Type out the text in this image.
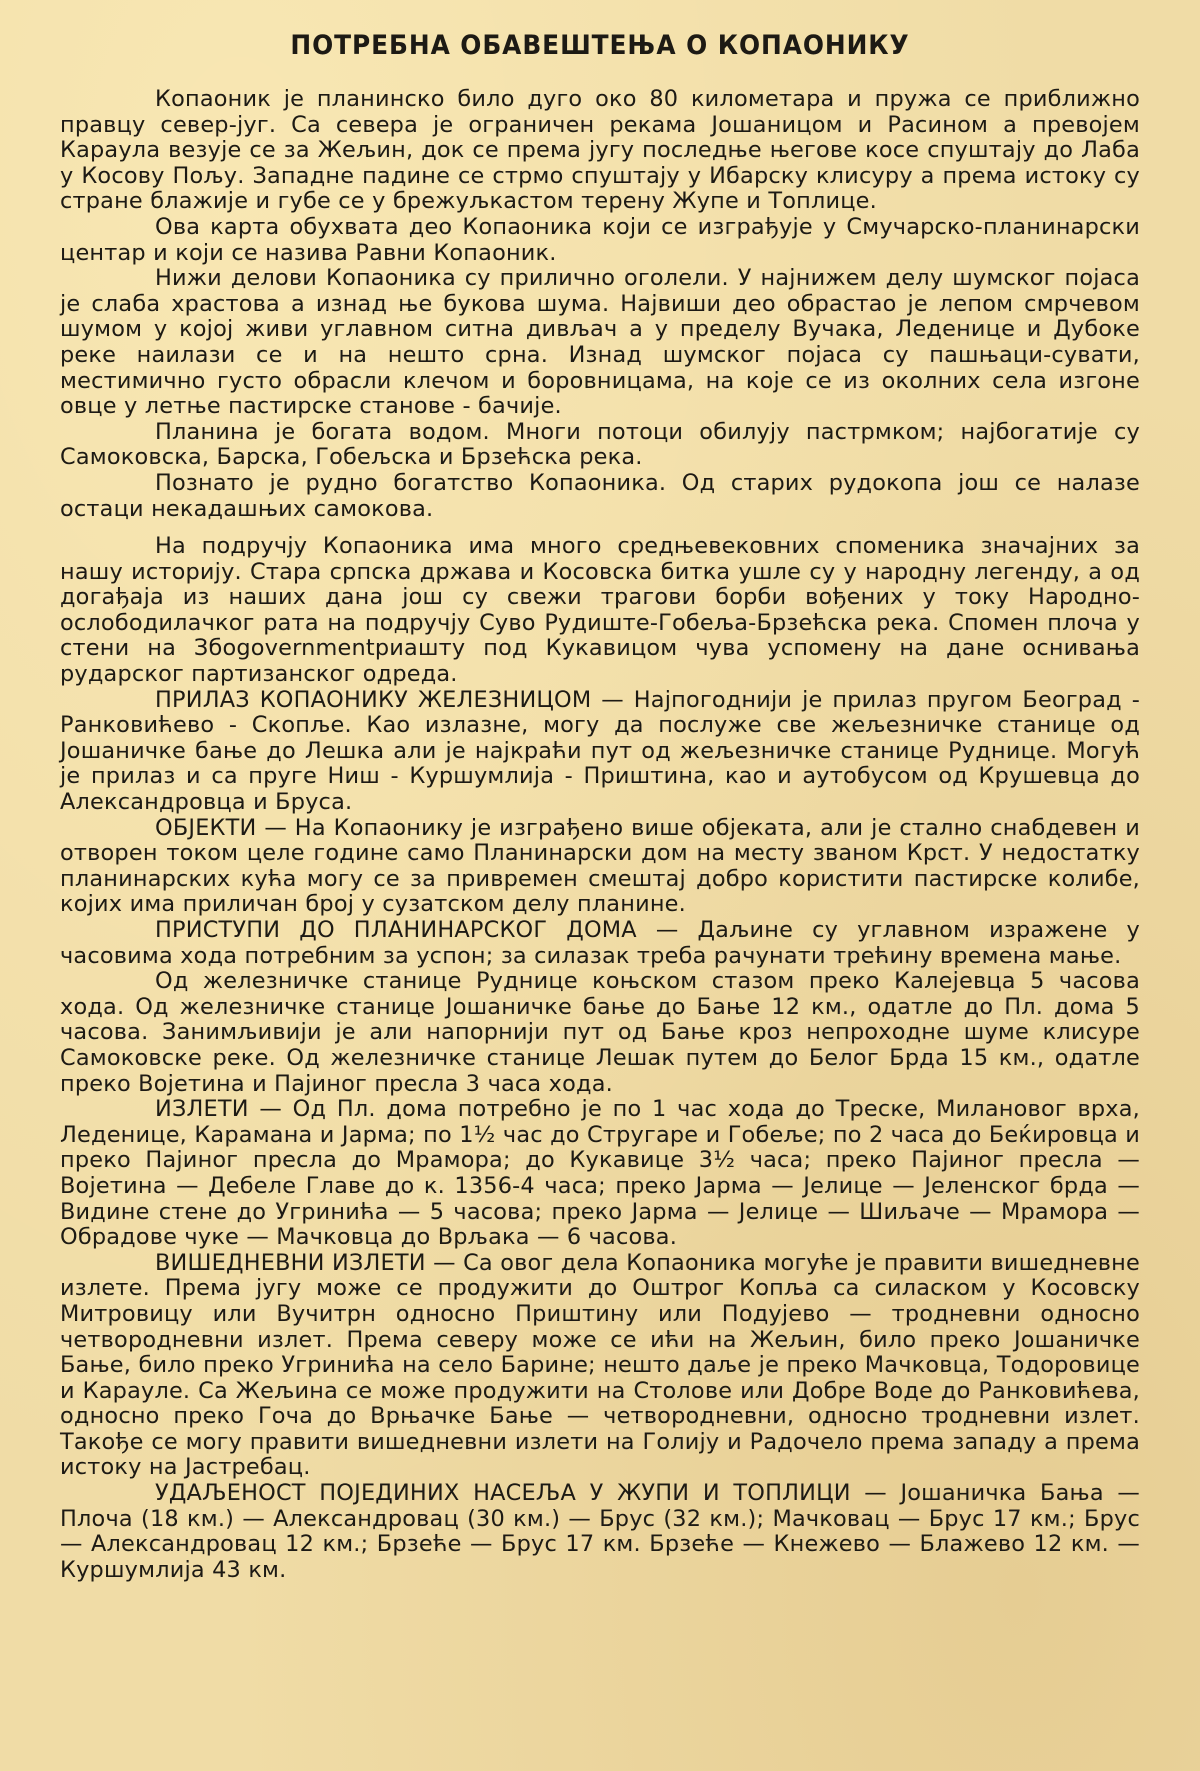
ПОТРЕБНА ОБАВЕШТЕЊА О КОПАОНИКУ

Копаоник је планинско било дуго око 80 километара и пружа се приближно правцу север-југ. Са севера је ограничен рекама Јошаницом и Расином а превојем Караула везује се за Жељин, док се према југу последње његове косе спуштају до Лаба у Косову Пољу. Западне падине се стрмо спуштају у Ибарску клисуру а према истоку су стране блажије и губе се у брежуљкастом терену Жупе и Топлице.

Ова карта обухвата део Копаоника који се изграђује у Смучарско-планинарски центар и који се назива Равни Копаоник.

Нижи делови Копаоника су прилично оголели. У најнижем делу шумског појаса је слаба храстова а изнад ње букова шума. Највиши део обрастао је лепом смрчевом шумом у којој живи углавном ситна дивљач а у пределу Вучака, Леденице и Дубоке реке наилази се и на нешто срна. Изнад шумског појаса су пашњаци-сувати, местимично густо обрасли клечом и боровницама, на које се из околних села изгоне овце у летње пастирске станове - бачије.

Планина је богата водом. Многи потоци обилују пастрмком; најбогатије су Самоковска, Барска, Гобељска и Брзећска река.

Познато је рудно богатство Копаоника. Од старих рудокопа још се налазе остаци некадашњих самокова.

На подручју Копаоника има много средњевековних споменика значајних за нашу историју. Стара српска држава и Косовска битка ушле су у народну легенду, а од догађаја из наших дана још су свежи трагови борби вођених у току Народно-ослободилачког рата на подручју Суво Рудиште-Гобеља-Брзећска река. Спомен плоча у стени на Збоgovernmentриашту под Кукавицом чува успомену на дане оснивања рударског партизанског одреда.

ПРИЛАЗ КОПАОНИКУ ЖЕЛЕЗНИЦОМ — Најпогоднији је прилаз пругом Београд - Ранковићево - Скопље. Као излазне, могу да послуже све жељезничке станице од Јошаничке бање до Лешка али је најкраћи пут од жељезничке станице Руднице. Могућ је прилаз и са пруге Ниш - Куршумлија - Приштина, као и аутобусом од Крушевца до Александровца и Бруса.

ОБЈЕКТИ — На Копаонику је изграђено више објеката, али је стално снабдевен и отворен током целе године само Планинарски дом на месту званом Крст. У недостатку планинарских кућа могу се за привремен смештај добро користити пастирске колибе, којих има приличан број у сузатском делу планине.

ПРИСТУПИ ДО ПЛАНИНАРСКОГ ДОМА — Даљине су углавном изражене у часовима хода потребним за успон; за силазак треба рачунати трећину времена мање.

Од железничке станице Руднице коњском стазом преко Калејевца 5 часова хода. Од железничке станице Јошаничке бање до Бање 12 км., одатле до Пл. дома 5 часова. Занимљивији је али напорнији пут од Бање кроз непроходне шуме клисуре Самоковске реке. Од железничке станице Лешак путем до Белог Брда 15 км., одатле преко Војетина и Пајиног пресла 3 часа хода.

ИЗЛЕТИ — Од Пл. дома потребно је по 1 час хода до Треске, Милановог врха, Леденице, Карамана и Јарма; по 1½ час до Стругаре и Гобеље; по 2 часа до Беќировца и преко Пајиног пресла до Мрамора; до Кукавице 3½ часа; преко Пајиног пресла — Војетина — Дебеле Главе до к. 1356-4 часа; преко Јарма — Јелице — Јеленског брда — Видине стене до Угринића — 5 часова; преко Јарма — Јелице — Шиљаче — Мрамора — Обрадове чуке — Мачковца до Врљака — 6 часова.

ВИШЕДНЕВНИ ИЗЛЕТИ — Са овог дела Копаоника могуће је правити вишедневне излете. Према југу може се продужити до Оштрог Копља са силаском у Косовску Митровицу или Вучитрн односно Приштину или Подујево — тродневни односно четвородневни излет. Према северу може се ићи на Жељин, било преко Јошаничке Бање, било преко Угринића на село Барине; нешто даље је преко Мачковца, Тодоровице и Карауле. Са Жељина се може продужити на Столове или Добре Воде до Ранковићева, односно преко Гоча до Врњачке Бање — четвородневни, односно тродневни излет. Такође се могу правити вишедневни излети на Голију и Радочело према западу а према истоку на Јастребац.

УДАЉЕНОСТ ПОЈЕДИНИХ НАСЕЉА У ЖУПИ И ТОПЛИЦИ — Јошаничка Бања — Плоча (18 км.) — Александровац (30 км.) — Брус (32 км.); Мачковац — Брус 17 км.; Брус — Александровац 12 км.; Брзеће — Брус 17 км. Брзеће — Кнежево — Блажево 12 км. — Куршумлија 43 км.
